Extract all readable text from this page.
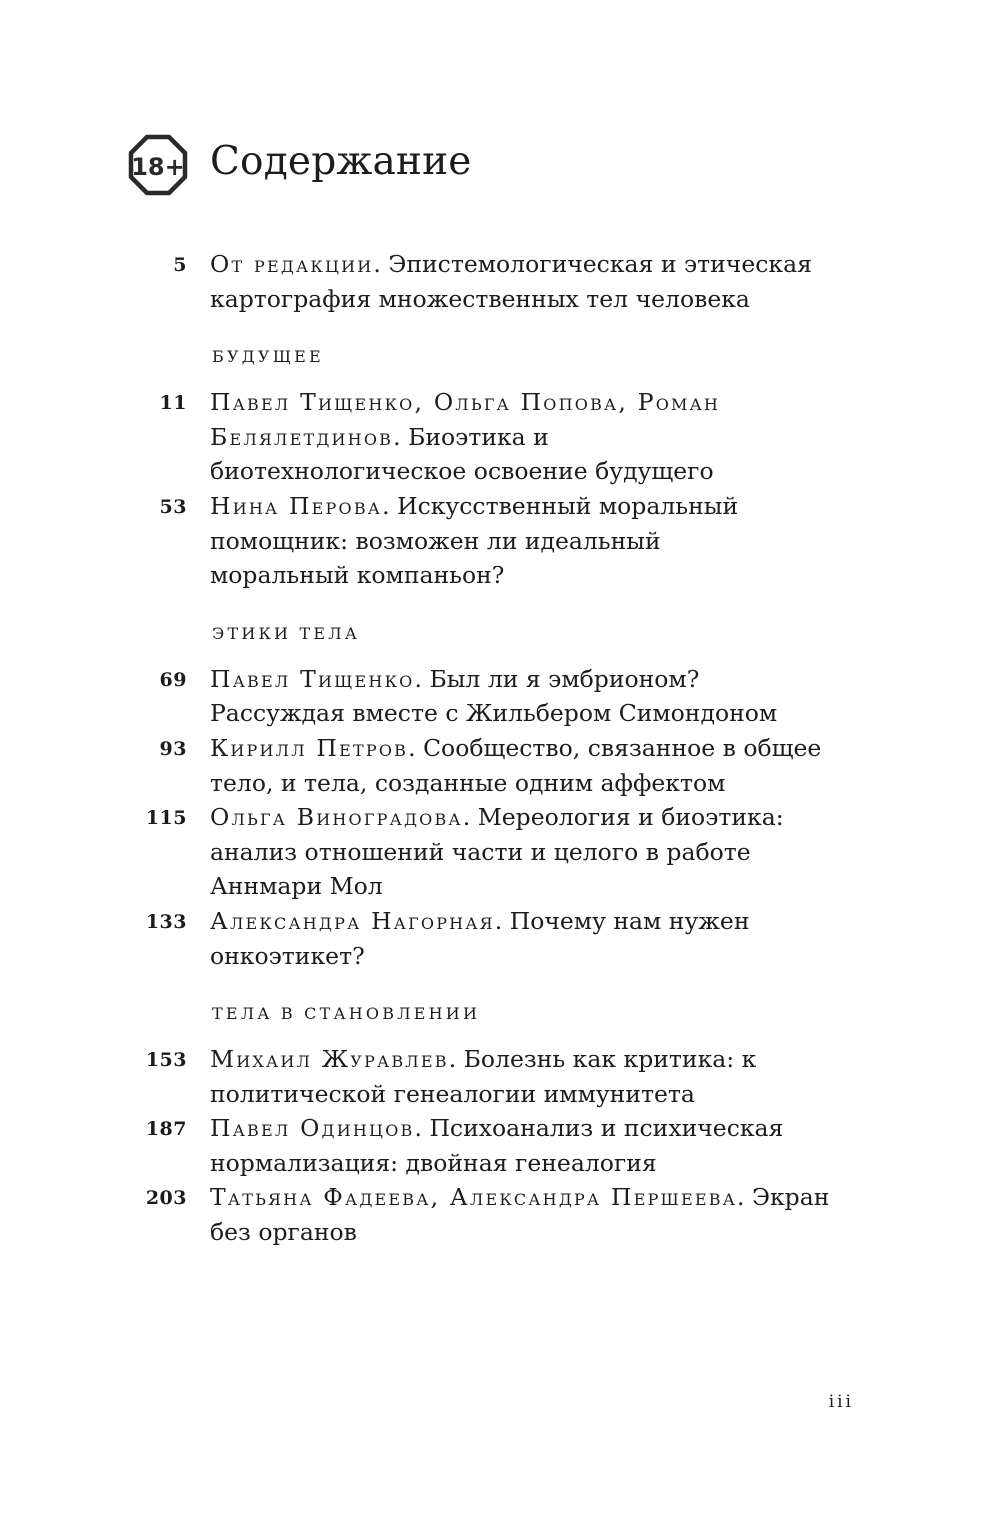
18+ Содержание
5 От редакции. Эпистемологическая и этическая картография множественных тел человека
БУДУЩЕЕ
11 Павел Тищенко, Ольга Попова, Роман Белялетдинов. Биоэтика и биотехнологическое освоение будущего
53 Нина Перова. Искусственный моральный помощник: возможен ли идеальный моральный компаньон?
ЭТИКИ ТЕЛА
69 Павел Тищенко. Был ли я эмбрионом? Рассуждая вместе с Жильбером Симондоном
93 Кирилл Петров. Сообщество, связанное в общее тело, и тела, созданные одним аффектом
115 Ольга Виноградова. Мереология и биоэтика: анализ отношений части и целого в работе Аннмари Мол
133 Александра Нагорная. Почему нам нужен онкоэтикет?
ТЕЛА В СТАНОВЛЕНИИ
153 Михаил Журавлев. Болезнь как критика: к политической генеалогии иммунитета
187 Павел Одинцов. Психоанализ и психическая нормализация: двойная генеалогия
203 Татьяна Фадеева, Александра Першеева. Экран без органов
iii
